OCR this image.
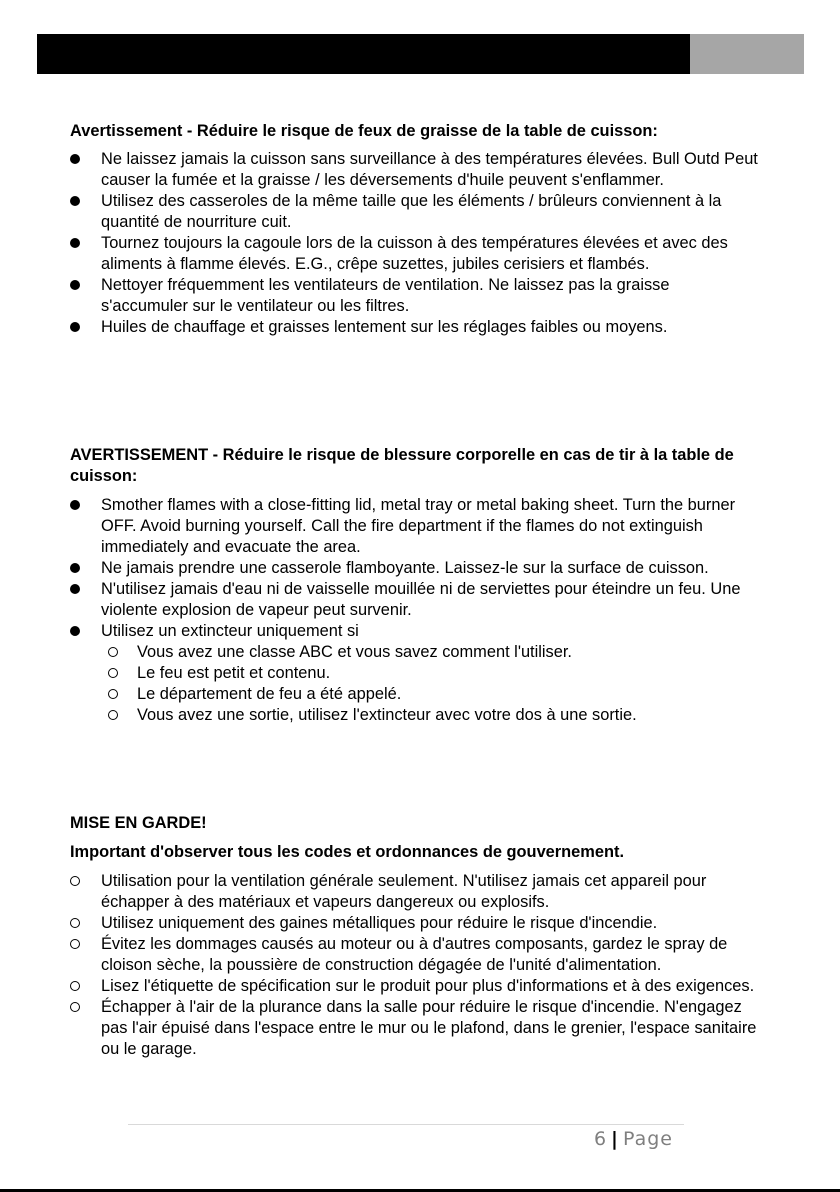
Avertissement - Réduire le risque de feux de graisse de la table de cuisson:
Ne laissez jamais la cuisson sans surveillance à des températures élevées. Bull Outd Peut causer la fumée et la graisse / les déversements d'huile peuvent s'enflammer.
Utilisez des casseroles de la même taille que les éléments / brûleurs conviennent à la quantité de nourriture cuit.
Tournez toujours la cagoule lors de la cuisson à des températures élevées et avec des aliments à flamme élevés. E.G., crêpe suzettes, jubiles cerisiers et flambés.
Nettoyer fréquemment les ventilateurs de ventilation. Ne laissez pas la graisse s'accumuler sur le ventilateur ou les filtres.
Huiles de chauffage et graisses lentement sur les réglages faibles ou moyens.
AVERTISSEMENT - Réduire le risque de blessure corporelle en cas de tir à la table de cuisson:
Smother flames with a close-fitting lid, metal tray or metal baking sheet. Turn the burner OFF. Avoid burning yourself. Call the fire department if the flames do not extinguish immediately and evacuate the area.
Ne jamais prendre une casserole flamboyante. Laissez-le sur la surface de cuisson.
N'utilisez jamais d'eau ni de vaisselle mouillée ni de serviettes pour éteindre un feu. Une violente explosion de vapeur peut survenir.
Utilisez un extincteur uniquement si
Vous avez une classe ABC et vous savez comment l'utiliser.
Le feu est petit et contenu.
Le département de feu a été appelé.
Vous avez une sortie, utilisez l'extincteur avec votre dos à une sortie.
MISE EN GARDE!
Important d'observer tous les codes et ordonnances de gouvernement.
Utilisation pour la ventilation générale seulement. N'utilisez jamais cet appareil pour échapper à des matériaux et vapeurs dangereux ou explosifs.
Utilisez uniquement des gaines métalliques pour réduire le risque d'incendie.
Évitez les dommages causés au moteur ou à d'autres composants, gardez le spray de cloison sèche, la poussière de construction dégagée de l'unité d'alimentation.
Lisez l'étiquette de spécification sur le produit pour plus d'informations et à des exigences.
Échapper à l'air de la plurance dans la salle pour réduire le risque d'incendie. N'engagez pas l'air épuisé dans l'espace entre le mur ou le plafond, dans le grenier, l'espace sanitaire ou le garage.
6 | Page
